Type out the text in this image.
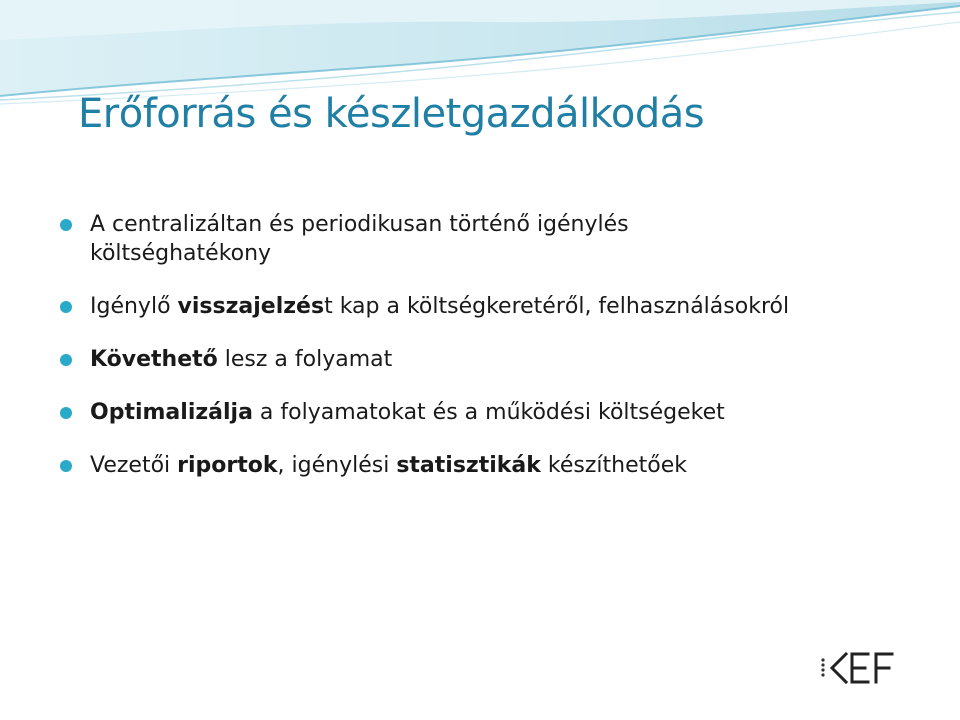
Erőforrás és készletgazdálkodás
A centralizáltan és periodikusan történő igénylés
költséghatékony
Igénylő visszajelzést kap a költségkeretéről, felhasználásokról
Követhető lesz a folyamat
Optimalizálja a folyamatokat és a működési költségeket
Vezetői riportok, igénylési statisztikák készíthetőek
